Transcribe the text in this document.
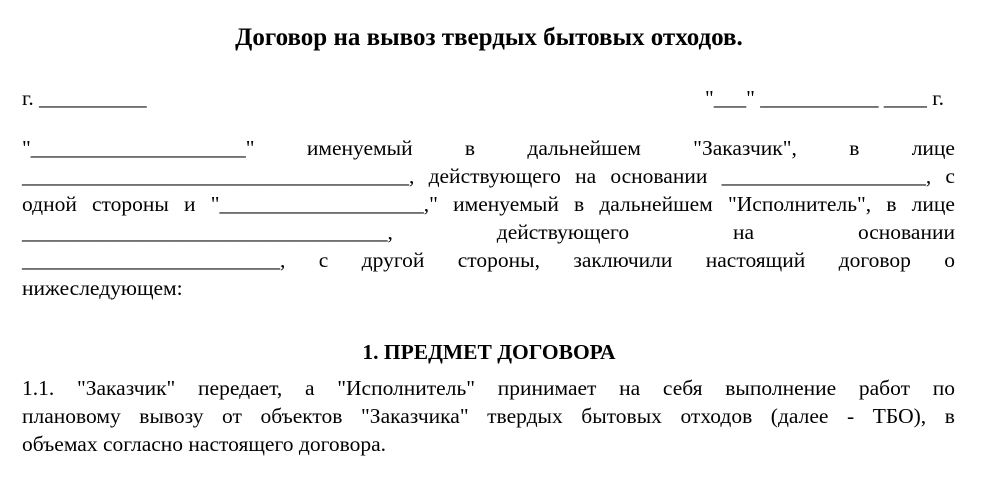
Договор на вывоз твердых бытовых отходов.
г. __________	"___" ___________ ____ г.
"____________________" именуемый в дальнейшем "Заказчик", в лице
____________________________________, действующего на основании ___________________, с
одной стороны и "___________________," именуемый в дальнейшем "Исполнитель", в лице
__________________________________,	действующего	на	основании
________________________, с другой стороны, заключили настоящий договор о
нижеследующем:
1. ПРЕДМЕТ ДОГОВОРА
1.1. "Заказчик" передает, а "Исполнитель" принимает на себя выполнение работ по
плановому вывозу от объектов "Заказчика" твердых бытовых отходов (далее - ТБО), в
объемах согласно настоящего договора.
